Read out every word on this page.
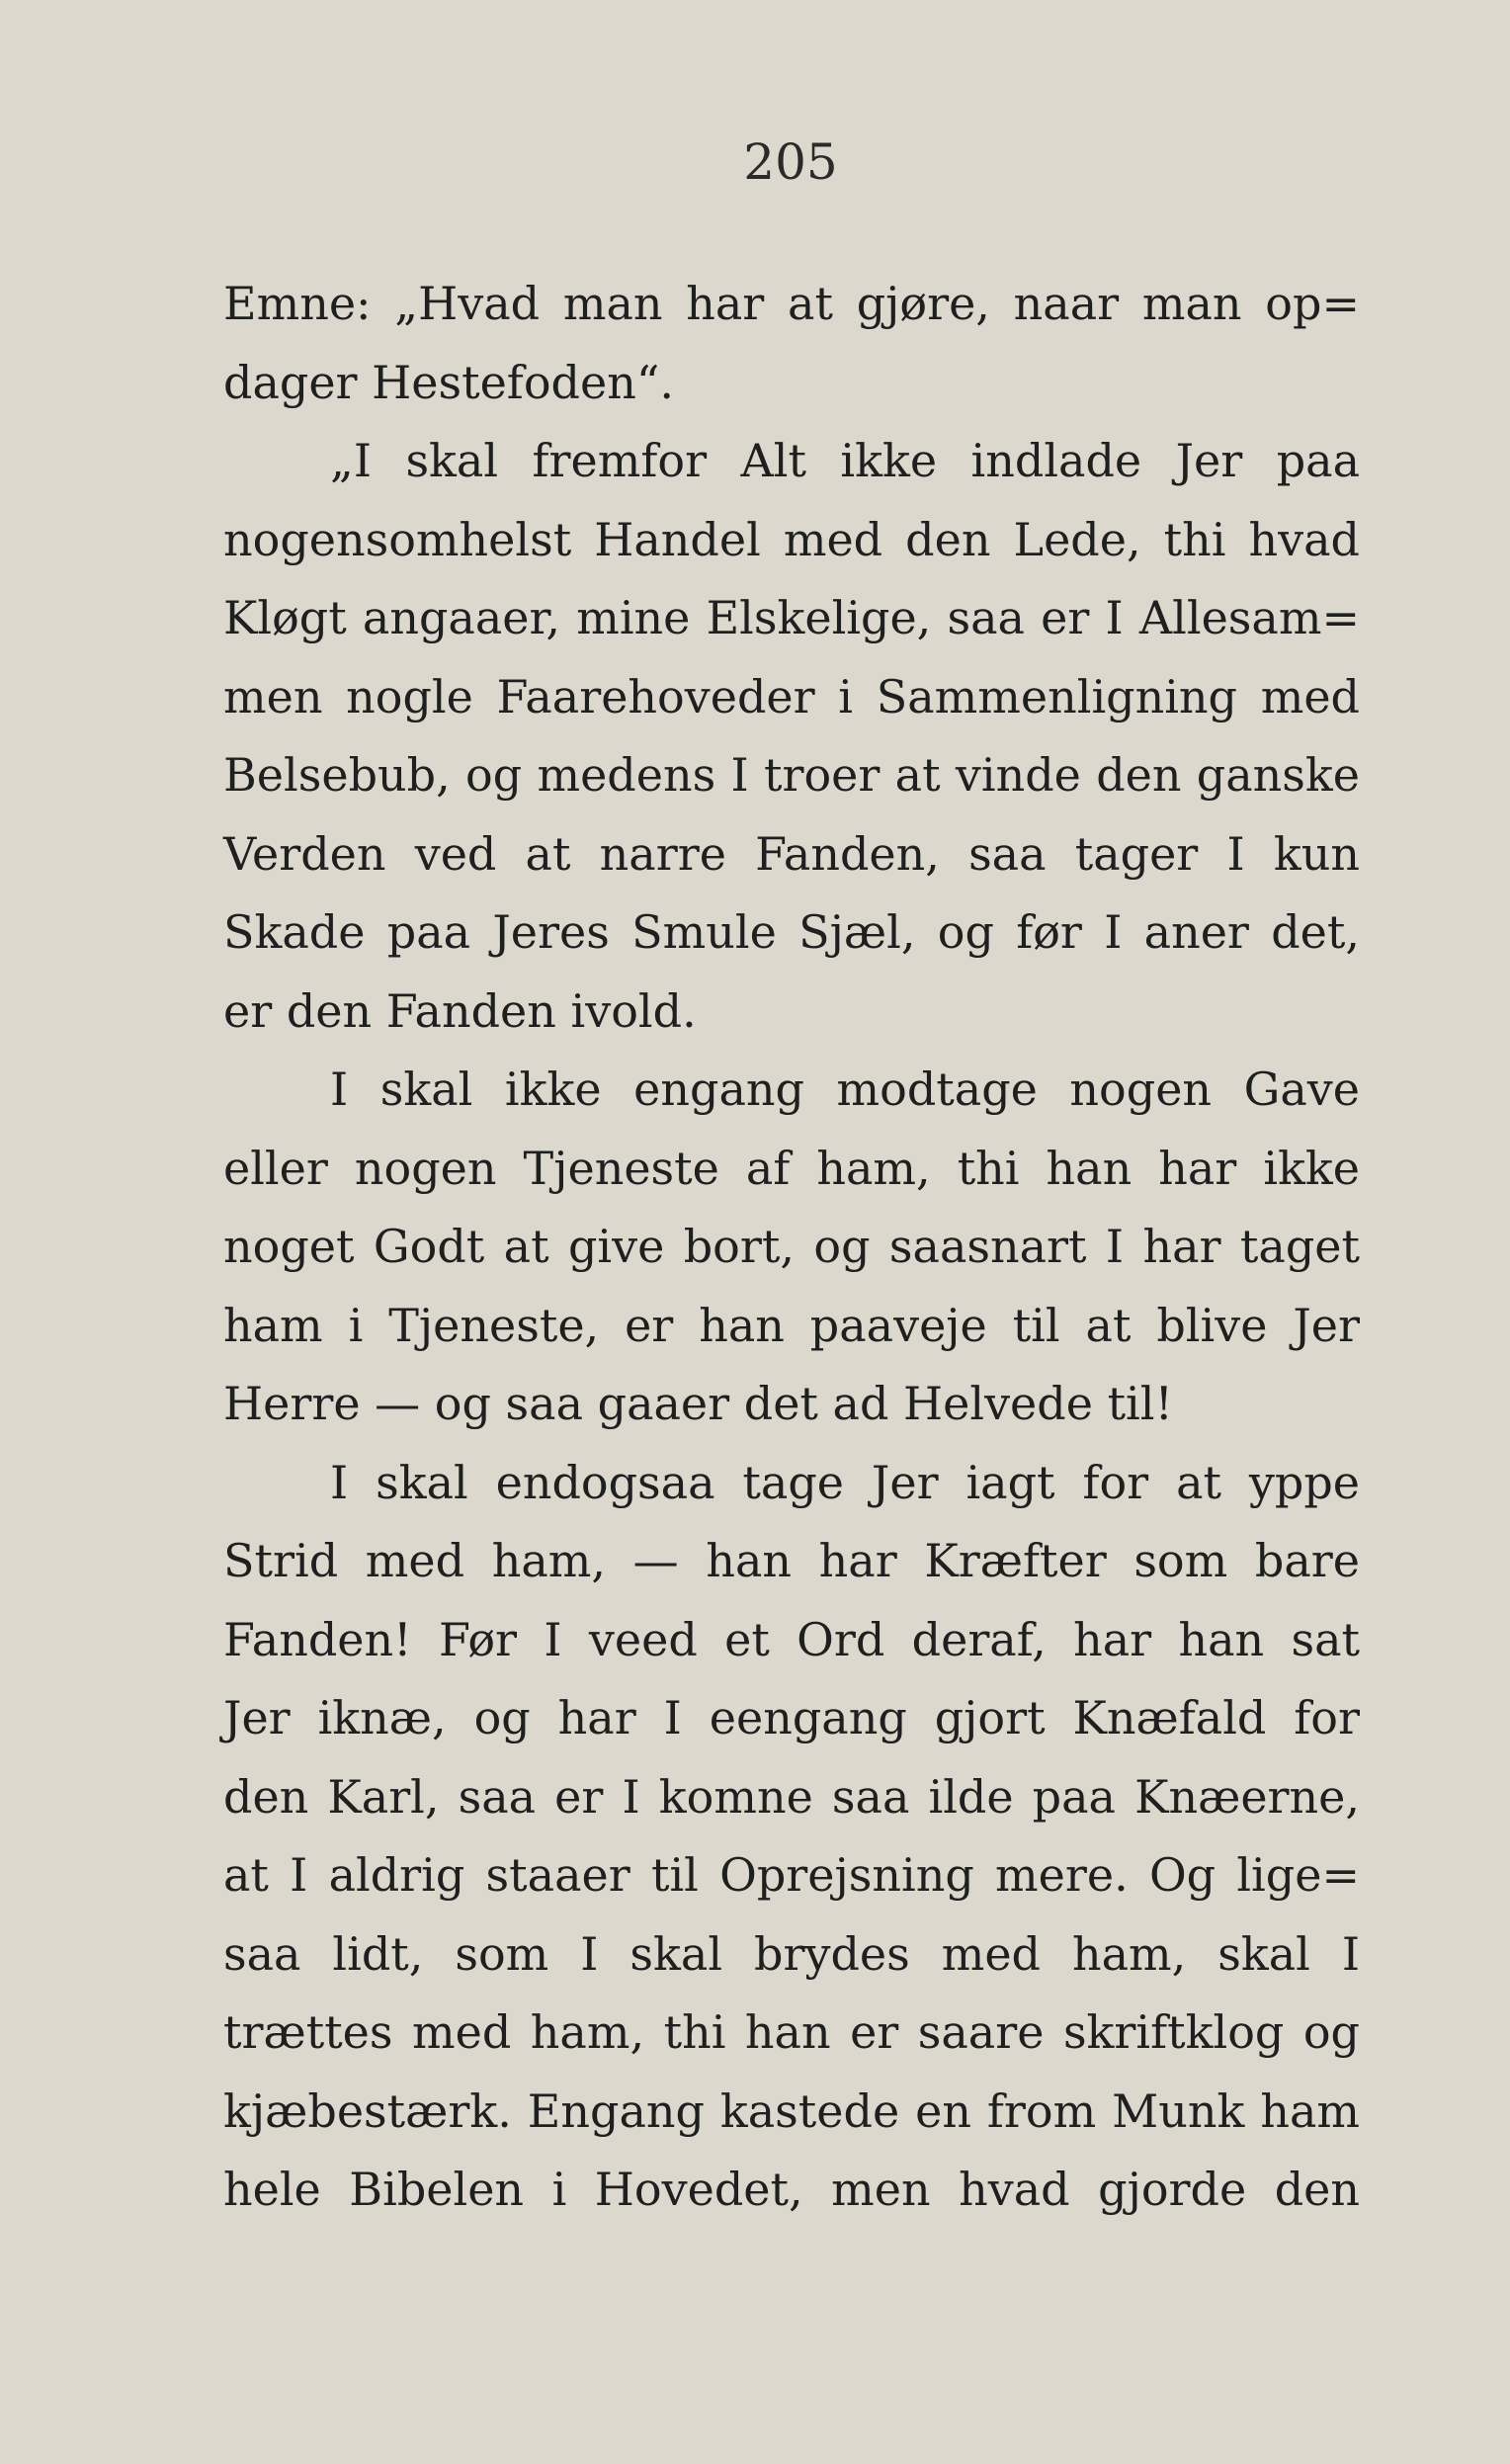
205
Emne: „Hvad man har at gjøre, naar man op=
dager Hestefoden“.
„I skal fremfor Alt ikke indlade Jer paa
nogensomhelst Handel med den Lede, thi hvad
Kløgt angaaer, mine Elskelige, saa er I Allesam=
men nogle Faarehoveder i Sammenligning med
Belsebub, og medens I troer at vinde den ganske
Verden ved at narre Fanden, saa tager I kun
Skade paa Jeres Smule Sjæl, og før I aner det,
er den Fanden ivold.
I skal ikke engang modtage nogen Gave
eller nogen Tjeneste af ham, thi han har ikke
noget Godt at give bort, og saasnart I har taget
ham i Tjeneste, er han paaveje til at blive Jer
Herre — og saa gaaer det ad Helvede til!
I skal endogsaa tage Jer iagt for at yppe
Strid med ham, — han har Kræfter som bare
Fanden! Før I veed et Ord deraf, har han sat
Jer iknæ, og har I eengang gjort Knæfald for
den Karl, saa er I komne saa ilde paa Knæerne,
at I aldrig staaer til Oprejsning mere. Og lige=
saa lidt, som I skal brydes med ham, skal I
trættes med ham, thi han er saare skriftklog og
kjæbestærk. Engang kastede en from Munk ham
hele Bibelen i Hovedet, men hvad gjorde den
